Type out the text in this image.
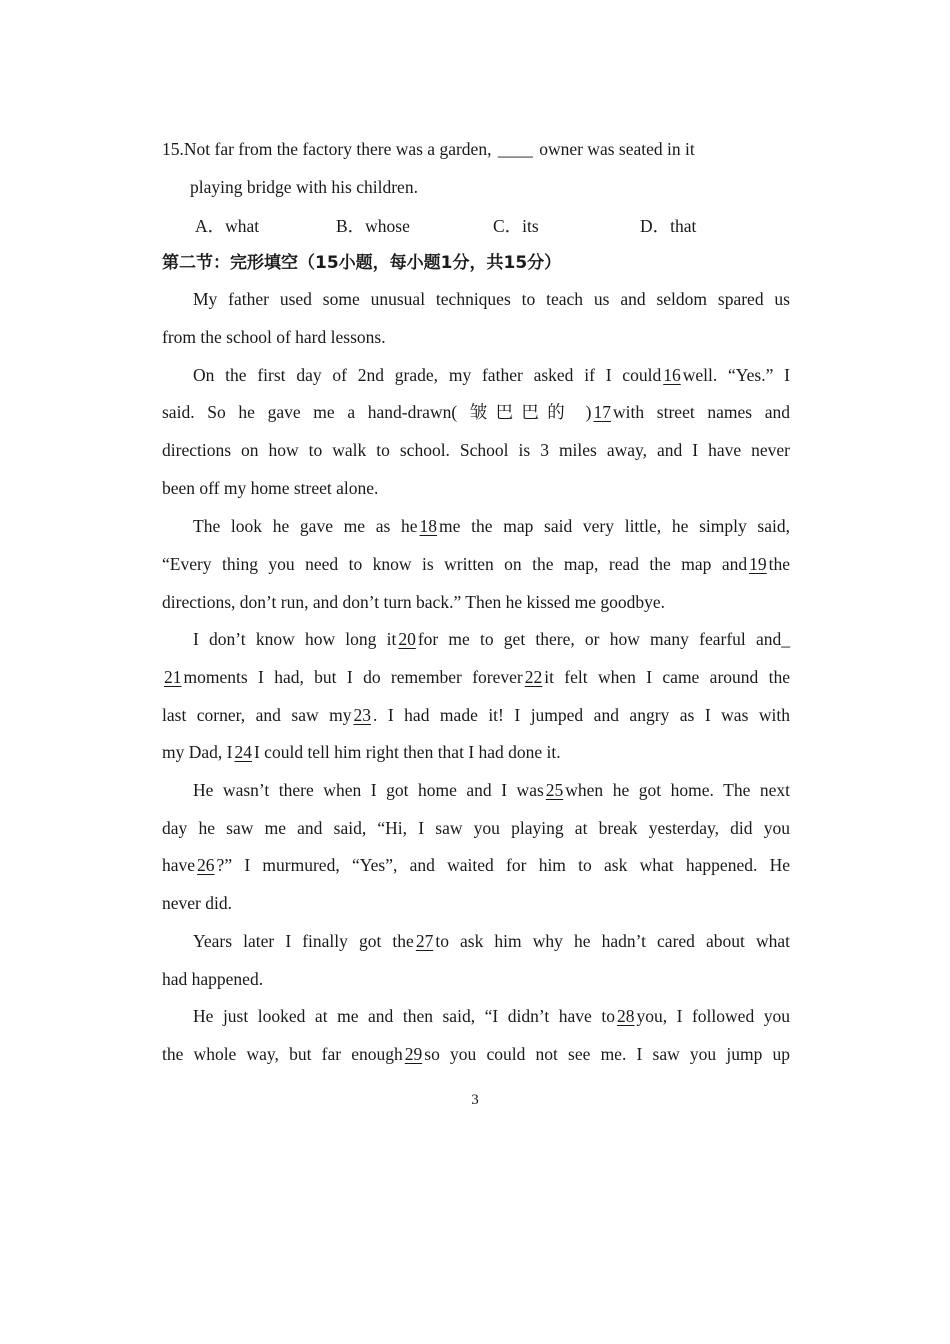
15.Not far from the factory there was a garden, ____ owner was seated in it
playing bridge with his children.
A．what	B．whose	C．its	D．that
第二节：完形填空（15小题，每小题1分，共15分）
My father used some unusual techniques to teach us and seldom spared us
from the school of hard lessons.
On the first day of 2nd grade, my father asked if I could 16 well. “Yes.” I
said. So he gave me a hand-drawn( 皱巴巴的 ) 17 with street names and
directions on how to walk to school. School is 3 miles away, and I have never
been off my home street alone.
The look he gave me as he 18 me the map said very little, he simply said,
“Every thing you need to know is written on the map, read the map and 19 the
directions, don’t run, and don’t turn back.” Then he kissed me goodbye.
I don’t know how long it 20 for me to get there, or how many fearful and_
21 moments I had, but I do remember forever 22 it felt when I came around the
last corner, and saw my 23 . I had made it! I jumped and angry as I was with
my Dad, I 24 I could tell him right then that I had done it.
He wasn’t there when I got home and I was 25 when he got home. The next
day he saw me and said, “Hi, I saw you playing at break yesterday, did you
have 26 ?” I murmured, “Yes”, and waited for him to ask what happened. He
never did.
Years later I finally got the 27 to ask him why he hadn’t cared about what
had happened.
He just looked at me and then said, “I didn’t have to 28 you, I followed you
the whole way, but far enough 29 so you could not see me. I saw you jump up
3
